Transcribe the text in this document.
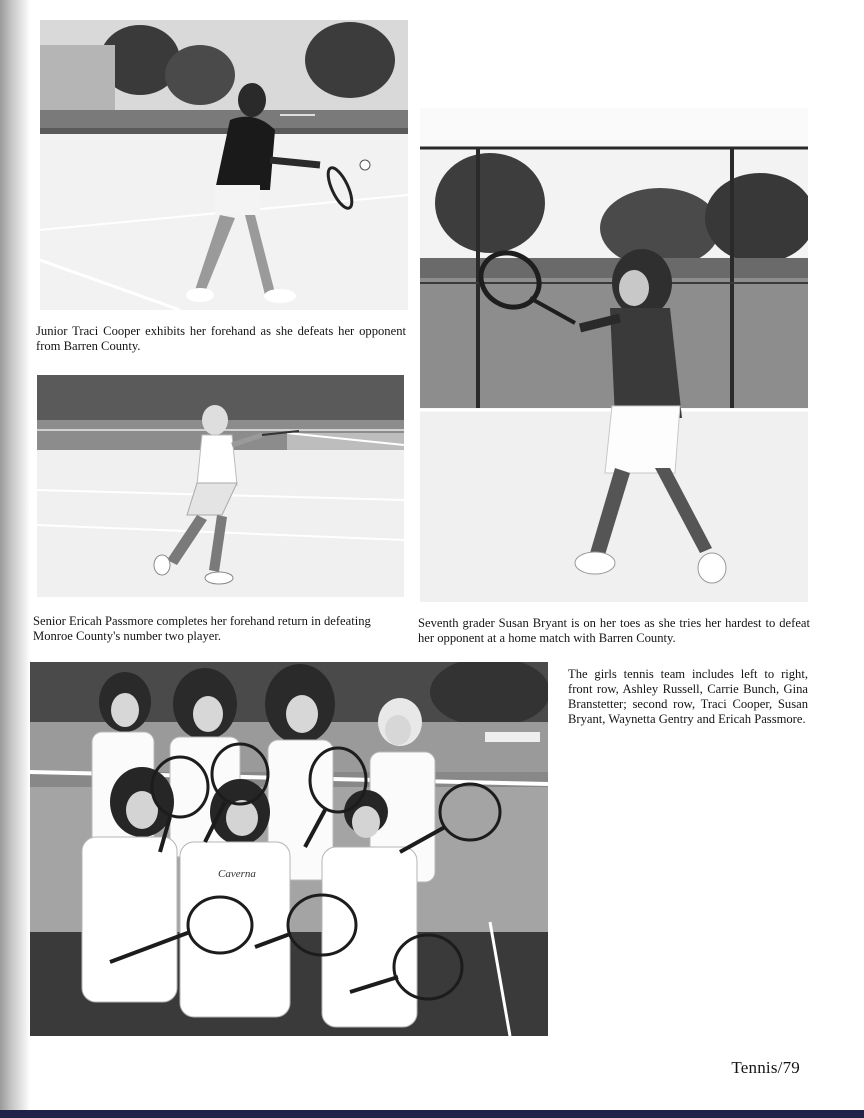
Junior Traci Cooper exhibits her forehand as she defeats her opponent from Barren County.

Senior Ericah Passmore completes her forehand return in defeating Monroe County's number two player.

Seventh grader Susan Bryant is on her toes as she tries her hardest to defeat her opponent at a home match with Barren County.

Caverna

The girls tennis team includes left to right, front row, Ashley Russell, Carrie Bunch, Gina Branstetter; second row, Traci Cooper, Susan Bryant, Waynetta Gentry and Ericah Passmore.

Tennis/79
